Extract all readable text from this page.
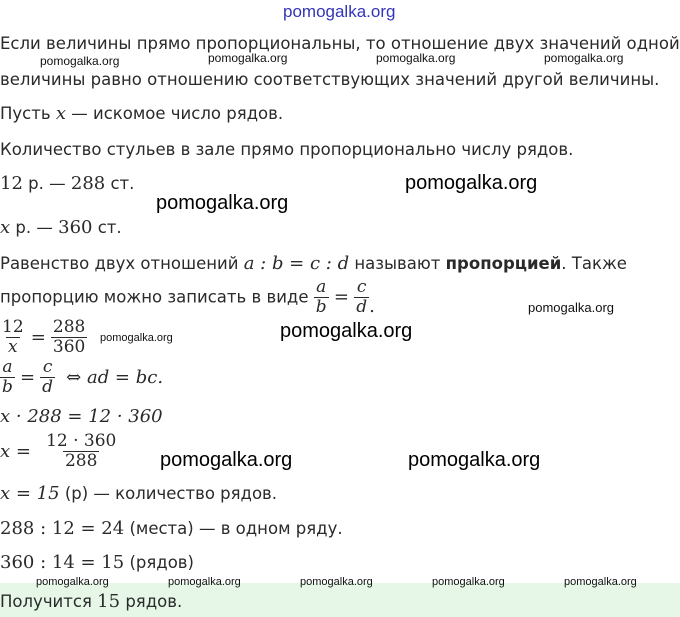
pomogalka.org
Если величины прямо пропорциональны, то отношение двух значений одной
величины равно отношению соответствующих значений другой величины.
pomogalka.org	pomogalka.org	pomogalka.org	pomogalka.org
Пусть x — искомое число рядов.
Количество стульев в зале прямо пропорционально числу рядов.
12 р. — 288 ст.	pomogalka.org
pomogalka.org
x р. — 360 ст.
Равенство двух отношений a : b = c : d называют пропорцией. Также
пропорцию можно записать в виде $\frac{a}{b} = \frac{c}{d}$ .	pomogalka.org
pomogalka.org
$\frac{12}{x} = \frac{288}{360}$ pomogalka.org
$\frac{a}{b} = \frac{c}{d}$ ⇔ ad = bc.
x · 288 = 12 · 360
$x = \frac{12 \cdot 360}{288}$ pomogalka.org	pomogalka.org
x = 15 (р) — количество рядов.
288 : 12 = 24 (места) — в одном ряду.
360 : 14 = 15 (рядов)
pomogalka.org	pomogalka.org	pomogalka.org	pomogalka.org	pomogalka.org
Получится 15 рядов.
